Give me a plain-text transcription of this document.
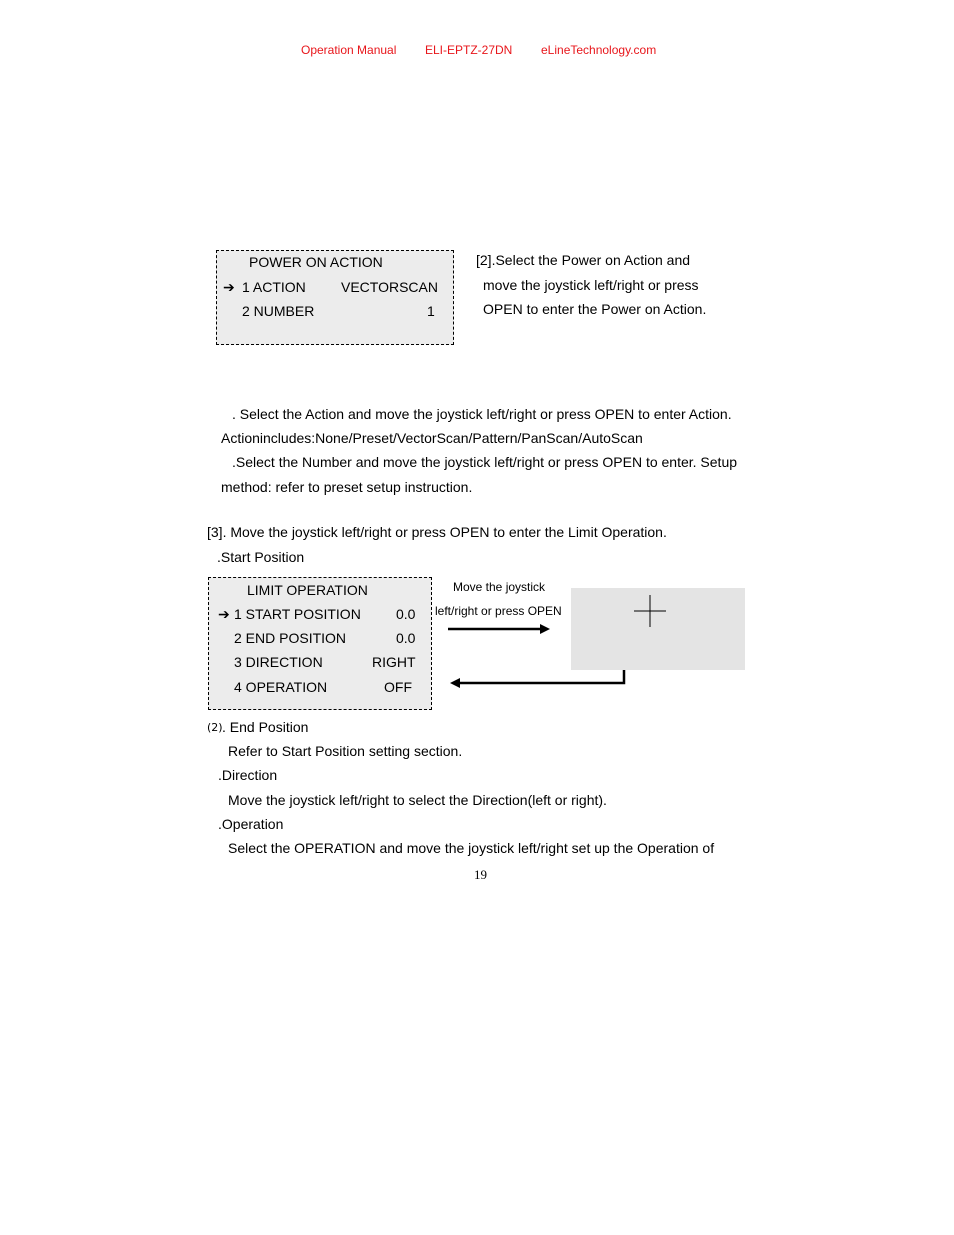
Operation Manual ELI-EPTZ-27DN eLineTechnology.com
POWER ON ACTION
➔ 1 ACTION	VECTORSCAN
2 NUMBER	1
[2].Select the Power on Action and
move the joystick left/right or press
OPEN to enter the Power on Action.
. Select the Action and move the joystick left/right or press OPEN to enter Action.
Actionincludes:None/Preset/VectorScan/Pattern/PanScan/AutoScan
.Select the Number and move the joystick left/right or press OPEN to enter. Setup
method: refer to preset setup instruction.
[3]. Move the joystick left/right or press OPEN to enter the Limit Operation.
.Start Position
LIMIT OPERATION
➔ 1 START POSITION	0.0
2 END POSITION	0.0
3 DIRECTION	RIGHT
4 OPERATION	OFF
Move the joystick
left/right or press OPEN
(2) . End Position
Refer to Start Position setting section.
.Direction
Move the joystick left/right to select the Direction(left or right).
.Operation
Select the OPERATION and move the joystick left/right set up the Operation of
19
